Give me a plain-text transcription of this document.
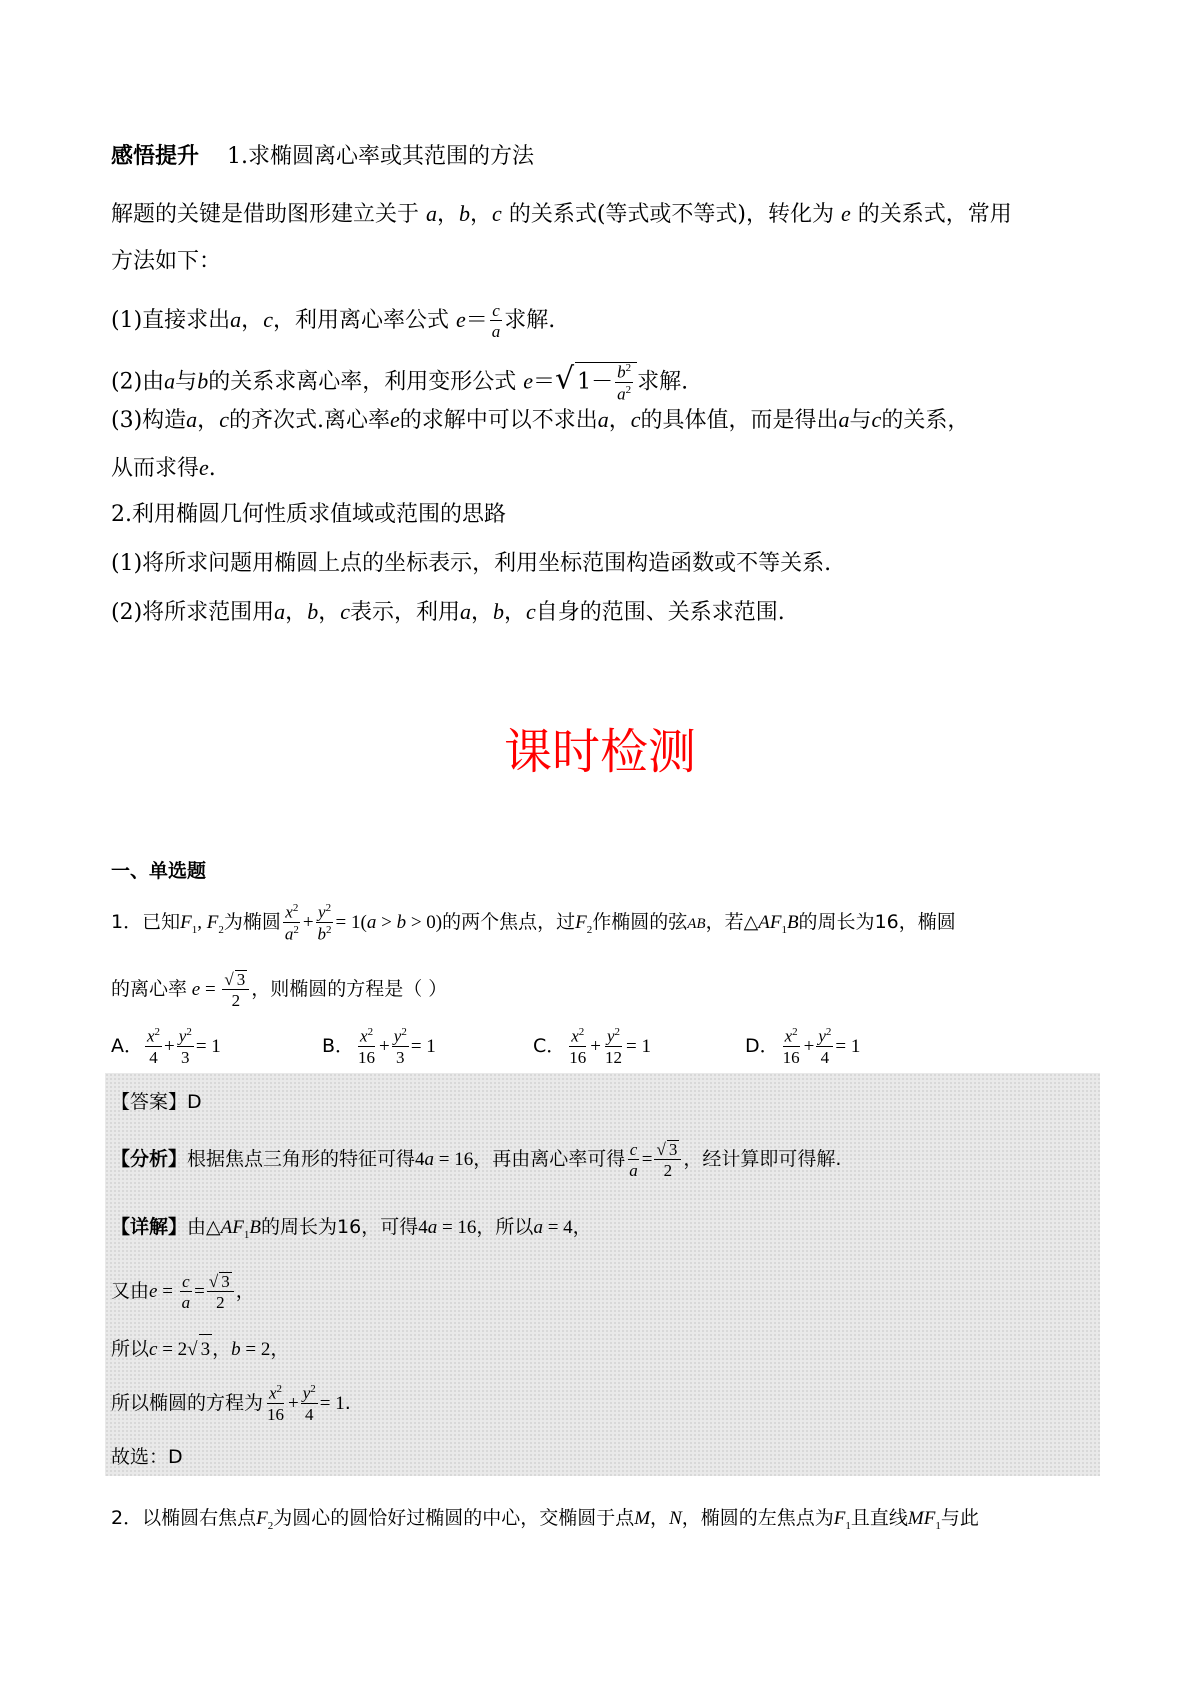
感悟提升 1.求椭圆离心率或其范围的方法
解题的关键是借助图形建立关于 a，b，c 的关系式(等式或不等式)，转化为 e 的关系式，常用
方法如下：
(1)直接求出a，c，利用离心率公式 $e= \frac{c}{a}$ 求解.
(2)由a与b的关系求离心率，利用变形公式 e＝√ $1- \frac{b^2}{a^2}$ 求解.
(3)构造a，c的齐次式.离心率e的求解中可以不求出a，c的具体值，而是得出a与c的关系，
从而求得e.
2.利用椭圆几何性质求值域或范围的思路
(1)将所求问题用椭圆上点的坐标表示，利用坐标范围构造函数或不等关系.
(2)将所求范围用a，b，c表示，利用a，b，c自身的范围、关系求范围.
课时检测
一、单选题
1．已知$F_1$, $F_2$为椭圆 $\frac{x^2}{a^2} + \frac{y^2}{b^2} = 1(a > b > 0)$的两个焦点，过$F_2$作椭圆的弦AB，若$\triangle AF_1B$的周长为16，椭圆
的离心率 $e = \frac{√ 3}{2}$ ，则椭圆的方程是（ ）
A． $\frac{x^2}{4} + \frac{y^2}{3} = 1$	B． $\frac{x^2}{16} + \frac{y^2}{3} = 1$	C． $\frac{x^2}{16} + \frac{y^2}{12} = 1$	D． $\frac{x^2}{16} + \frac{y^2}{4} = 1$
【答案】D
【分析】根据焦点三角形的特征可得4a = 16，再由离心率可得 $\frac{c}{a} = \frac{√ 3}{2}$ ，经计算即可得解.
【详解】由$\triangle AF_1B$的周长为16，可得4a = 16，所以a = 4，
又由$e = \frac{c}{a} = \frac{√ 3}{2}$ ，
所以c = 2√ 3 ，b = 2，
所以椭圆的方程为 $\frac{x^2}{16} + \frac{y^2}{4} = 1$.
故选：D
2．以椭圆右焦点$F_2$为圆心的圆恰好过椭圆的中心，交椭圆于点M，N，椭圆的左焦点为$F_1$且直线$MF_1$与此
